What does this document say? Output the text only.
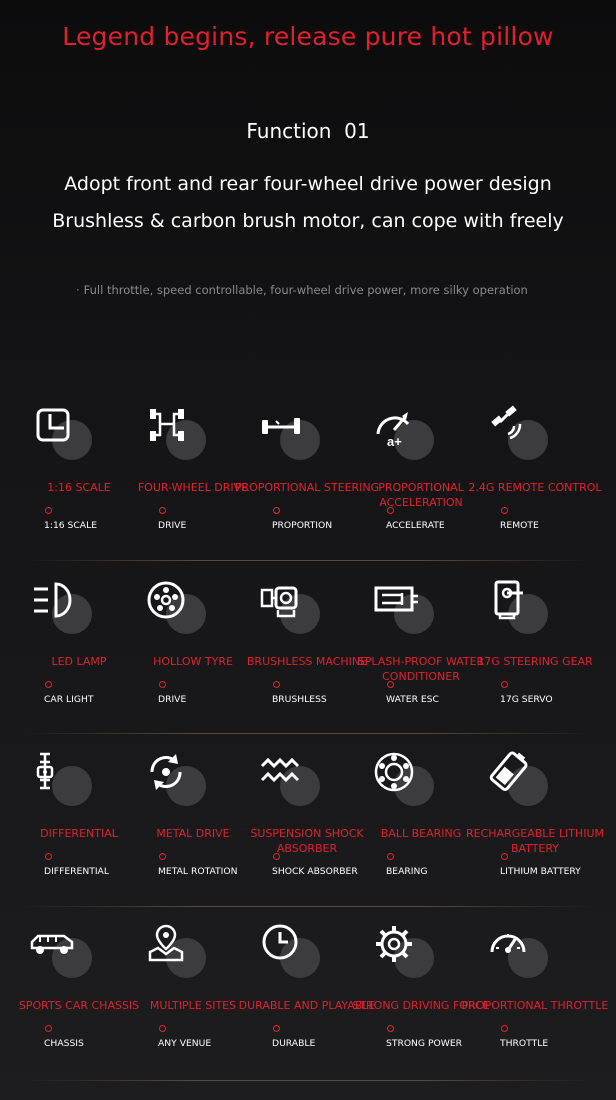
Legend begins, release pure hot pillow
Function  01
Adopt front and rear four-wheel drive power design
Brushless & carbon brush motor, can cope with freely
· Full throttle, speed controllable, four-wheel drive power, more silky operation
1:16 SCALE
1:16 SCALE
FOUR-WHEEL DRIVE
DRIVE
PROPORTIONAL STEERING
PROPORTION
a+
PROPORTIONAL ACCELERATION
ACCELERATE
2.4G REMOTE CONTROL
REMOTE
LED LAMP
CAR LIGHT
HOLLOW TYRE
DRIVE
BRUSHLESS MACHINE
BRUSHLESS
SPLASH-PROOF WATER CONDITIONER
WATER ESC
17G STEERING GEAR
17G SERVO
DIFFERENTIAL
DIFFERENTIAL
METAL DRIVE
METAL ROTATION
SUSPENSION SHOCK ABSORBER
SHOCK ABSORBER
BALL BEARING
BEARING
RECHARGEABLE LITHIUM BATTERY
LITHIUM BATTERY
SPORTS CAR CHASSIS
CHASSIS
MULTIPLE SITES
ANY VENUE
DURABLE AND PLAYABLE
DURABLE
STRONG DRIVING FORCE
STRONG POWER
PROPORTIONAL THROTTLE
THROTTLE
